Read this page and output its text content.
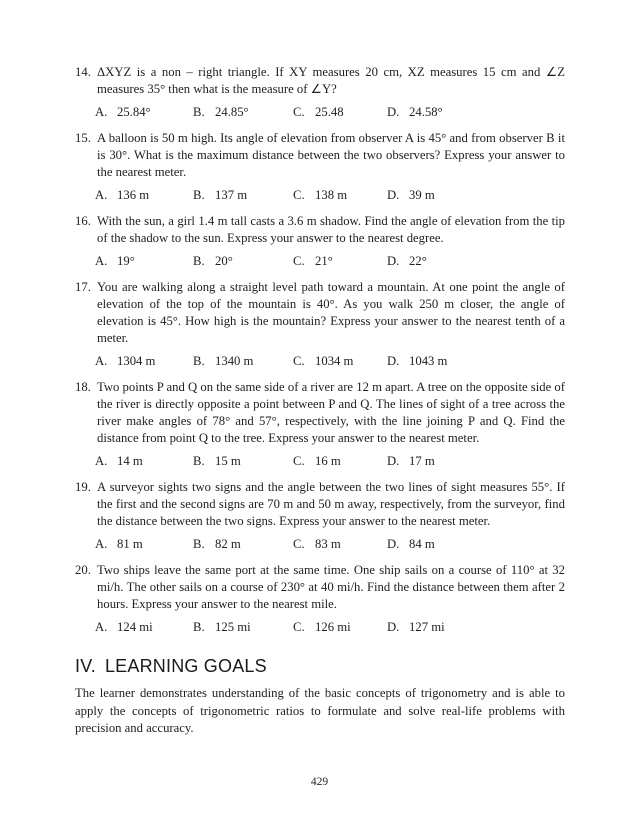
14. ΔXYZ is a non – right triangle. If XY measures 20 cm, XZ measures 15 cm and ∠Z measures 35° then what is the measure of ∠Y?
A. 25.84°	B. 24.85°	C. 25.48	D. 24.58°
15. A balloon is 50 m high. Its angle of elevation from observer A is 45° and from observer B it is 30°. What is the maximum distance between the two observers? Express your answer to the nearest meter.
A. 136 m	B. 137 m	C. 138 m	D. 39 m
16. With the sun, a girl 1.4 m tall casts a 3.6 m shadow. Find the angle of elevation from the tip of the shadow to the sun. Express your answer to the nearest degree.
A. 19°	B. 20°	C. 21°	D. 22°
17. You are walking along a straight level path toward a mountain. At one point the angle of elevation of the top of the mountain is 40°. As you walk 250 m closer, the angle of elevation is 45°. How high is the mountain? Express your answer to the nearest tenth of a meter.
A. 1304 m	B. 1340 m	C. 1034 m	D. 1043 m
18. Two points P and Q on the same side of a river are 12 m apart. A tree on the opposite side of the river is directly opposite a point between P and Q. The lines of sight of a tree across the river make angles of 78° and 57°, respectively, with the line joining P and Q. Find the distance from point Q to the tree. Express your answer to the nearest meter.
A. 14 m	B. 15 m	C. 16 m	D. 17 m
19. A surveyor sights two signs and the angle between the two lines of sight measures 55°. If the first and the second signs are 70 m and 50 m away, respectively, from the surveyor, find the distance between the two signs. Express your answer to the nearest meter.
A. 81 m	B. 82 m	C. 83 m	D. 84 m
20. Two ships leave the same port at the same time. One ship sails on a course of 110° at 32 mi/h. The other sails on a course of 230° at 40 mi/h. Find the distance between them after 2 hours. Express your answer to the nearest mile.
A. 124 mi	B. 125 mi	C. 126 mi	D. 127 mi
IV. LEARNING GOALS
The learner demonstrates understanding of the basic concepts of trigonometry and is able to apply the concepts of trigonometric ratios to formulate and solve real-life problems with precision and accuracy.
429
